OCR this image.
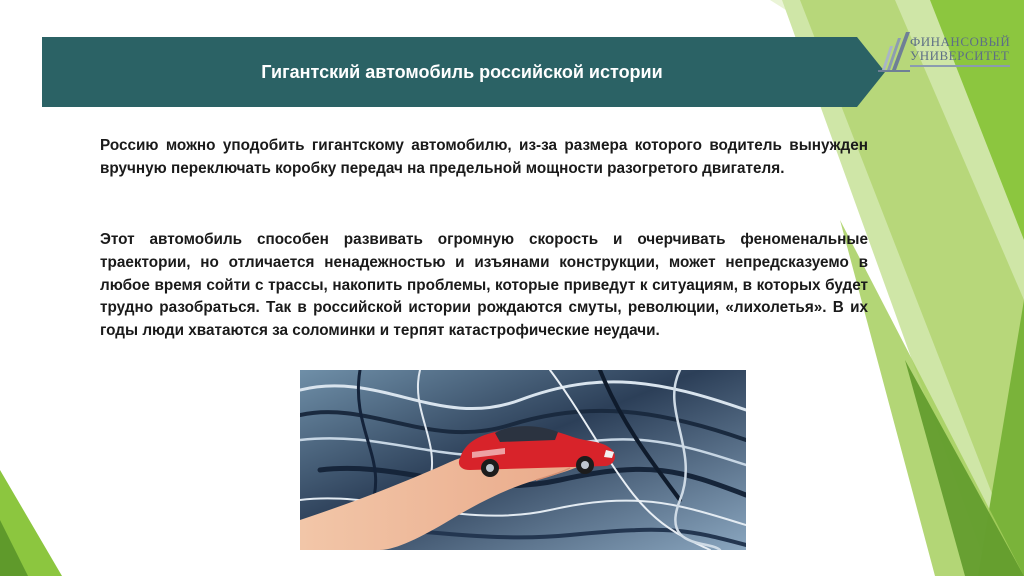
Гигантский автомобиль российской истории
ФИНАНСОВЫЙ
УНИВЕРСИТЕТ

Россию можно уподобить гигантскому автомобилю, из-за размера которого водитель вынужден вручную переключать коробку передач на предельной мощности разогретого двигателя.

Этот автомобиль способен развивать огромную скорость и очерчивать феноменальные траектории, но отличается ненадежностью и изъянами конструкции, может непредсказуемо в любое время сойти с трассы, накопить проблемы, которые приведут к ситуациям, в которых будет трудно разобраться. Так в российской истории рождаются смуты, революции, «лихолетья». В их годы люди хватаются за соломинки и терпят катастрофические неудачи.
